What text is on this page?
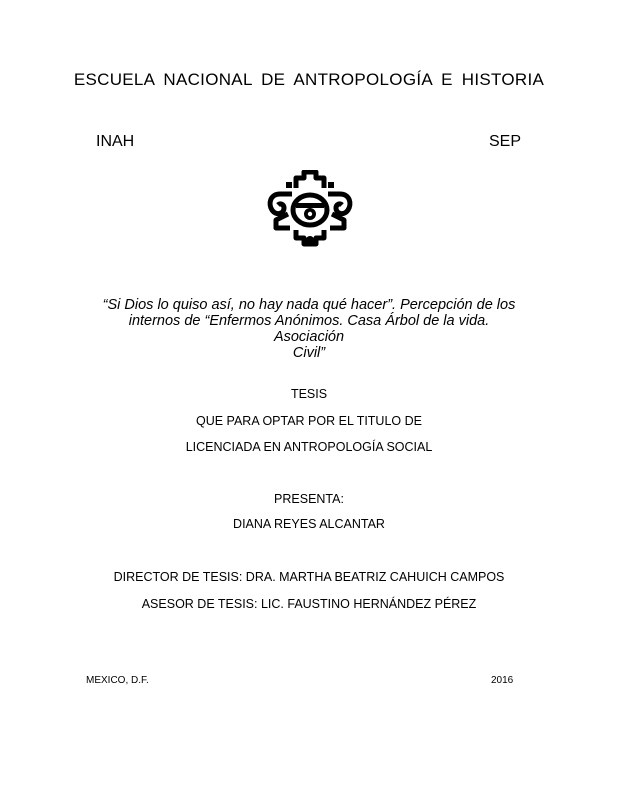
ESCUELA NACIONAL DE ANTROPOLOGÍA E HISTORIA
INAH	SEP
“Si Dios lo quiso así, no hay nada qué hacer”. Percepción de los
internos de “Enfermos Anónimos. Casa Árbol de la vida. Asociación
Civil”
TESIS
QUE PARA OPTAR POR EL TITULO DE
LICENCIADA EN ANTROPOLOGÍA SOCIAL
PRESENTA:
DIANA REYES ALCANTAR
DIRECTOR DE TESIS: DRA. MARTHA BEATRIZ CAHUICH CAMPOS
ASESOR DE TESIS: LIC. FAUSTINO HERNÁNDEZ PÉREZ
MEXICO, D.F.	2016
